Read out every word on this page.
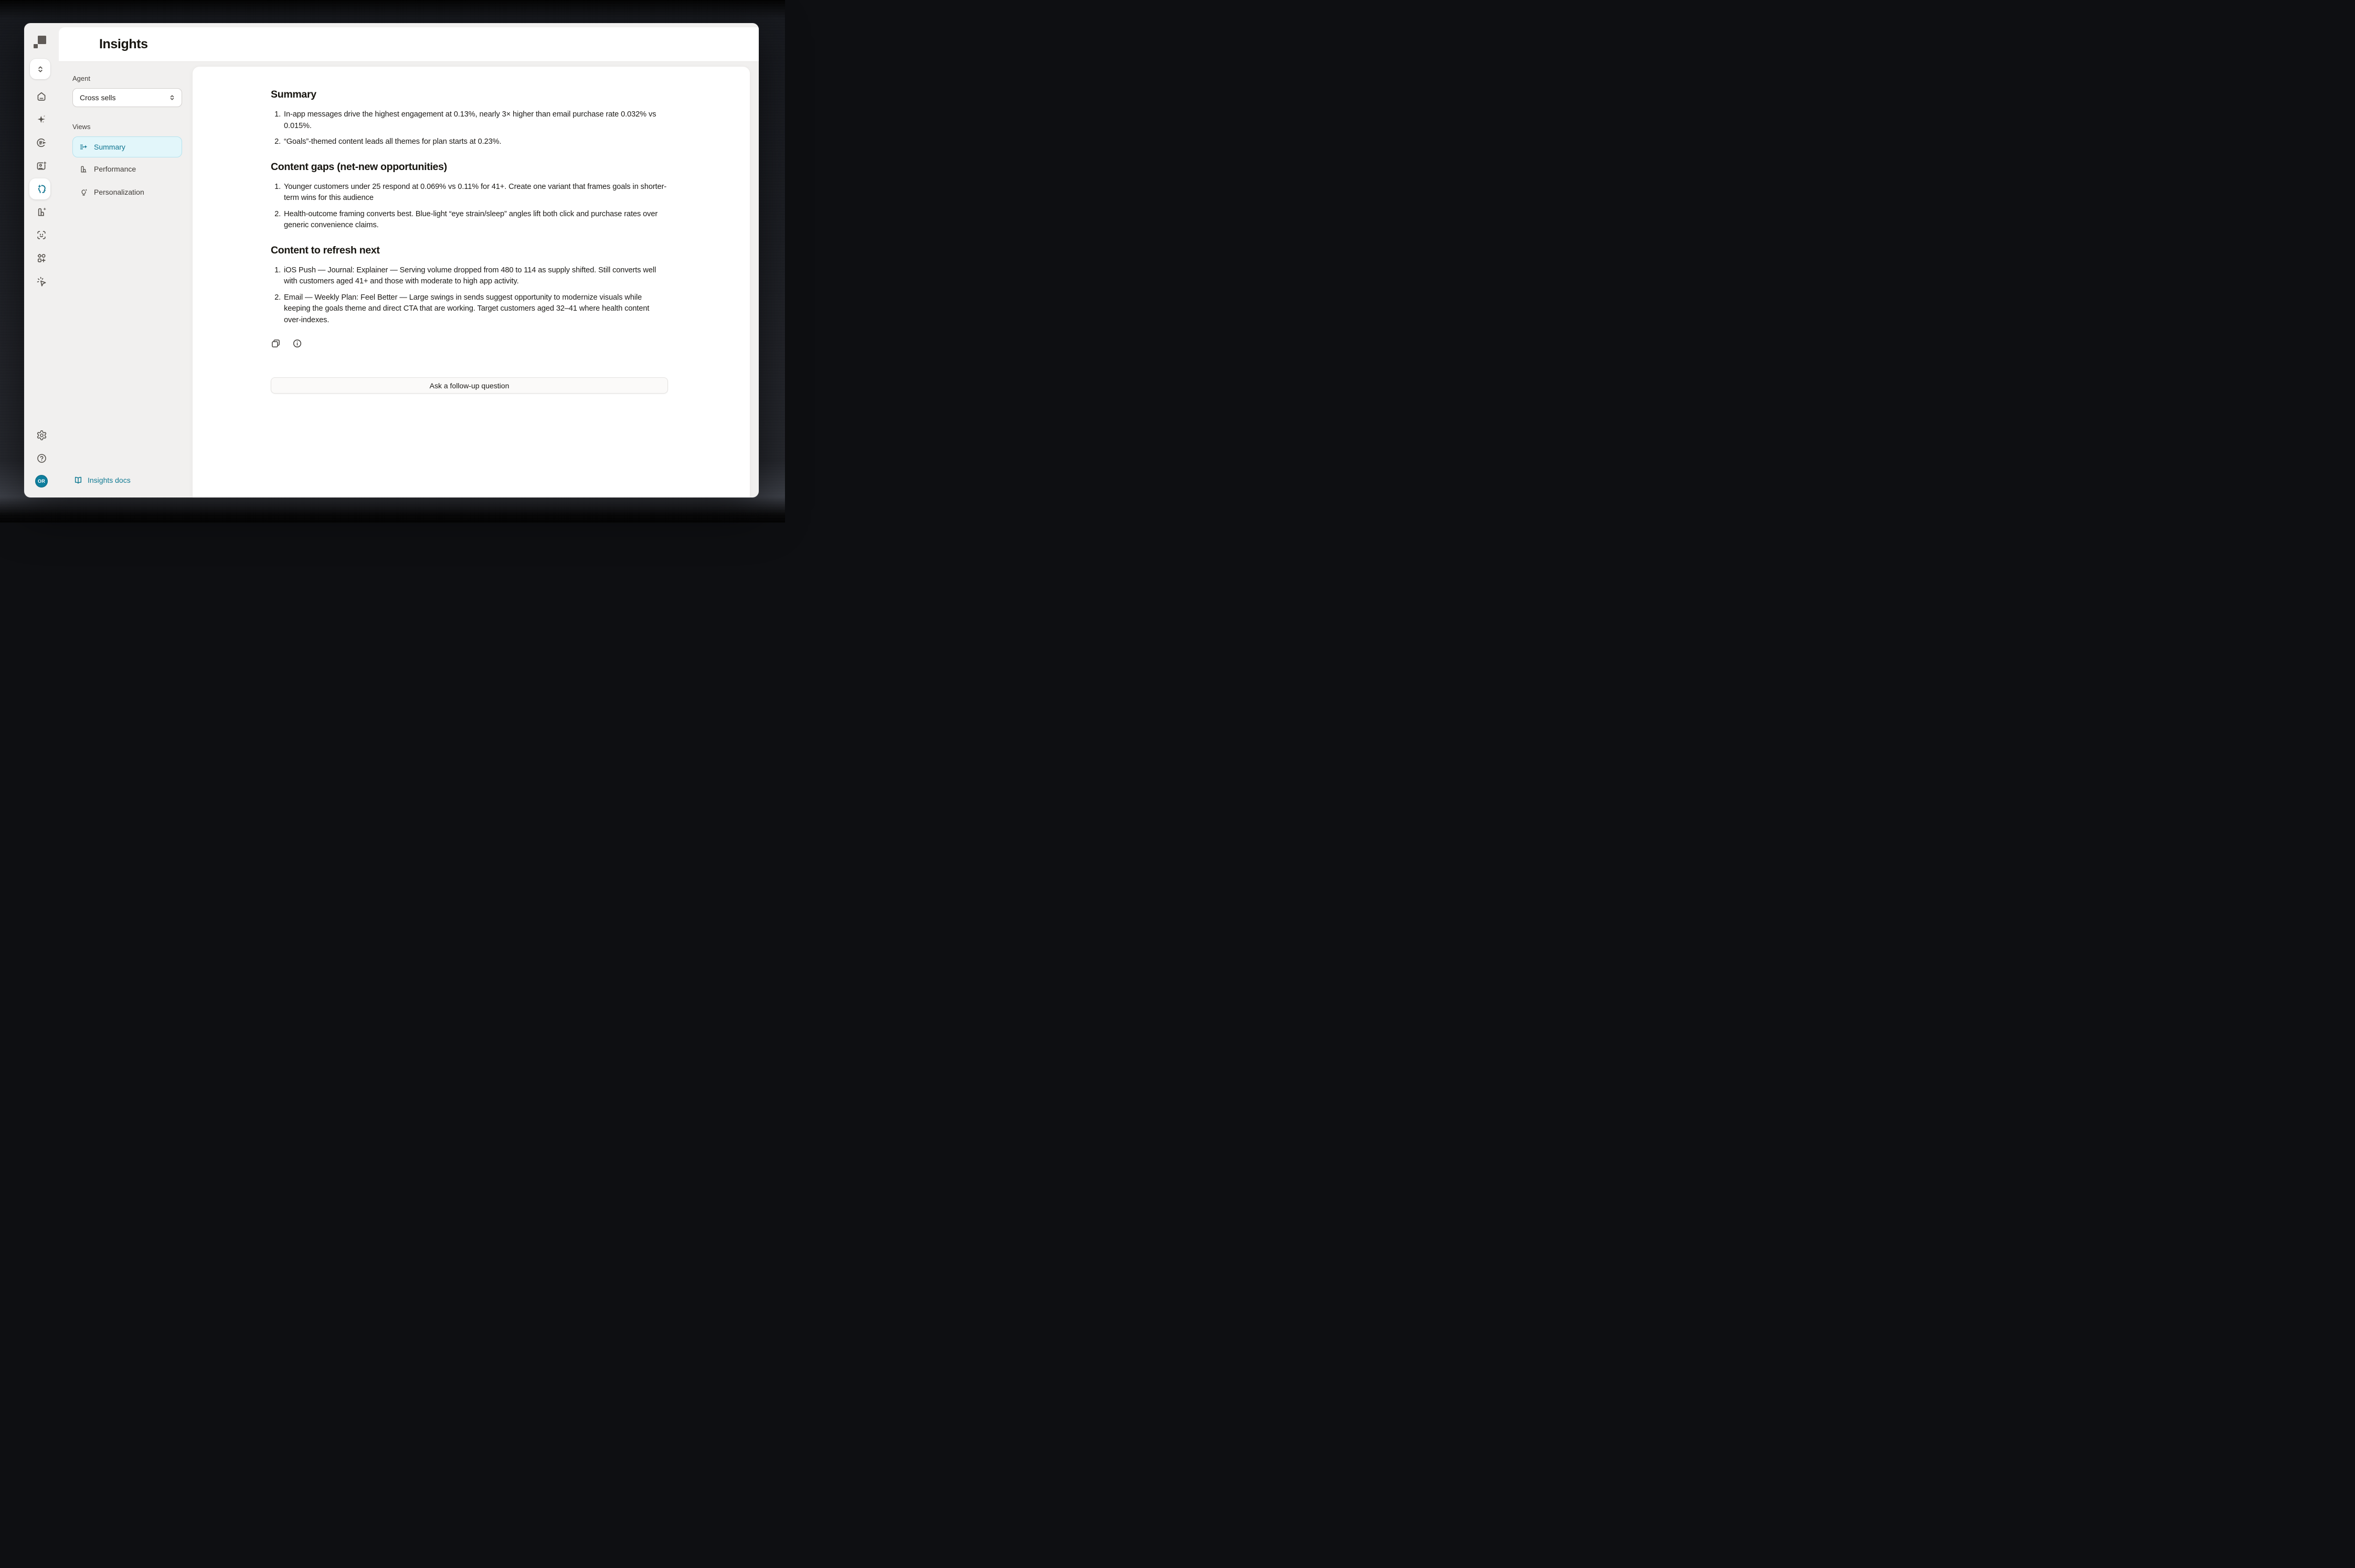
OR
Insights
Agent
Cross sells
Views
Summary
Performance
Personalization
Insights docs
Summary
1. In-app messages drive the highest engagement at 0.13%, nearly 3× higher than email purchase rate 0.032% vs 0.015%.
2. “Goals”-themed content leads all themes for plan starts at 0.23%.
Content gaps (net-new opportunities)
1. Younger customers under 25 respond at 0.069% vs 0.11% for 41+. Create one variant that frames goals in shorter-term wins for this audience
2. Health-outcome framing converts best. Blue-light “eye strain/sleep” angles lift both click and purchase rates over generic convenience claims.
Content to refresh next
1. iOS Push — Journal: Explainer — Serving volume dropped from 480 to 114 as supply shifted. Still converts well with customers aged 41+ and those with moderate to high app activity.
2. Email — Weekly Plan: Feel Better — Large swings in sends suggest opportunity to modernize visuals while keeping the goals theme and direct CTA that are working. Target customers aged 32–41 where health content over-indexes.
Ask a follow-up question
